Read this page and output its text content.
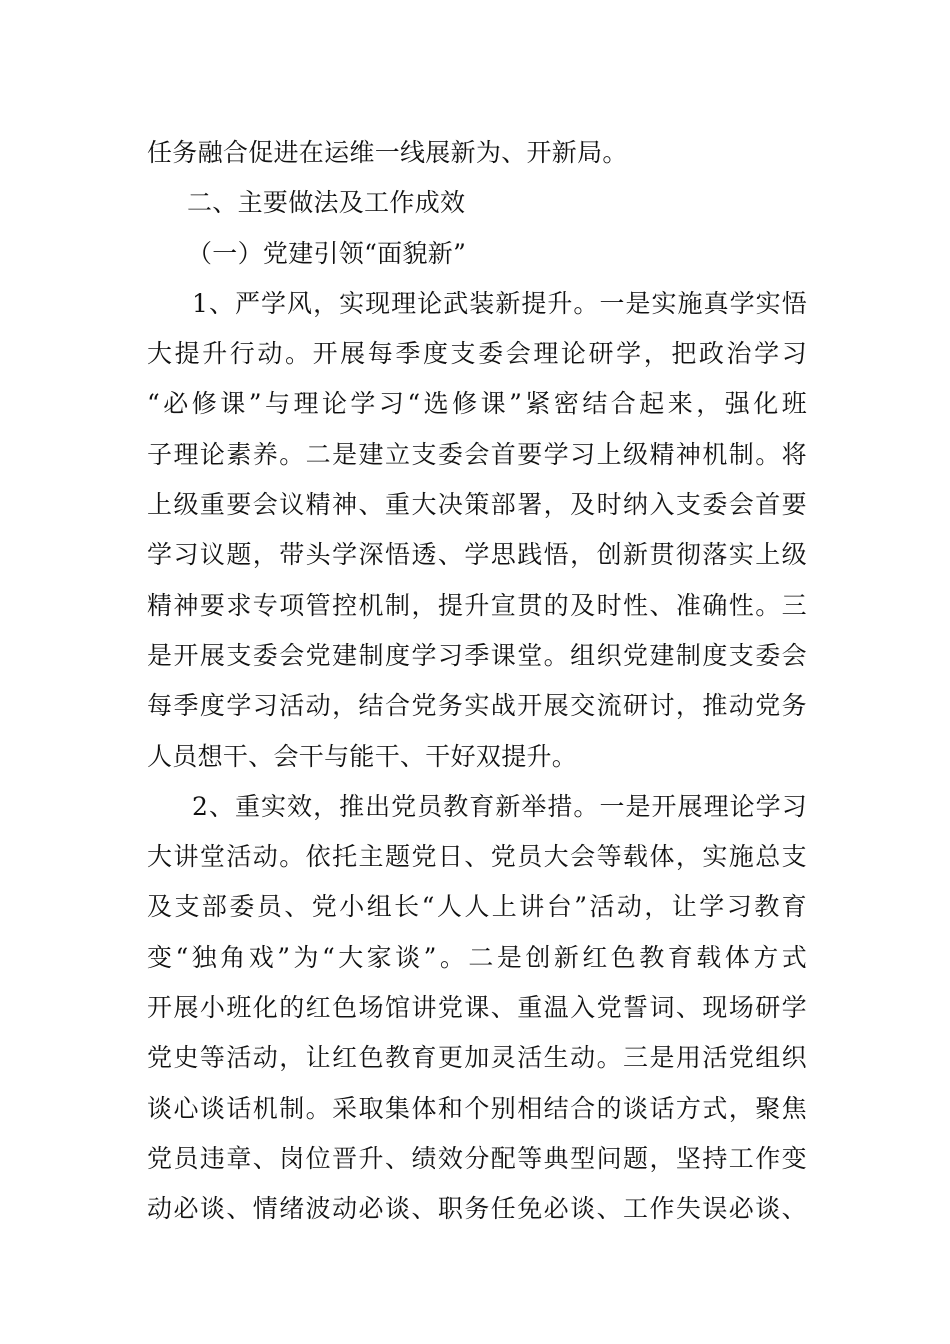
任务融合促进在运维一线展新为、开新局。
二、主要做法及工作成效
（一）党建引领“面貌新”
1、严学风，实现理论武装新提升。一是实施真学实悟
大提升行动。开展每季度支委会理论研学，把政治学习
“必修课”与理论学习“选修课”紧密结合起来，强化班
子理论素养。二是建立支委会首要学习上级精神机制。将
上级重要会议精神、重大决策部署，及时纳入支委会首要
学习议题，带头学深悟透、学思践悟，创新贯彻落实上级
精神要求专项管控机制，提升宣贯的及时性、准确性。三
是开展支委会党建制度学习季课堂。组织党建制度支委会
每季度学习活动，结合党务实战开展交流研讨，推动党务
人员想干、会干与能干、干好双提升。
2、重实效，推出党员教育新举措。一是开展理论学习
大讲堂活动。依托主题党日、党员大会等载体，实施总支
及支部委员、党小组长“人人上讲台”活动，让学习教育
变“独角戏”为“大家谈”。二是创新红色教育载体方式
开展小班化的红色场馆讲党课、重温入党誓词、现场研学
党史等活动，让红色教育更加灵活生动。三是用活党组织
谈心谈话机制。采取集体和个别相结合的谈话方式，聚焦
党员违章、岗位晋升、绩效分配等典型问题，坚持工作变
动必谈、情绪波动必谈、职务任免必谈、工作失误必谈、
